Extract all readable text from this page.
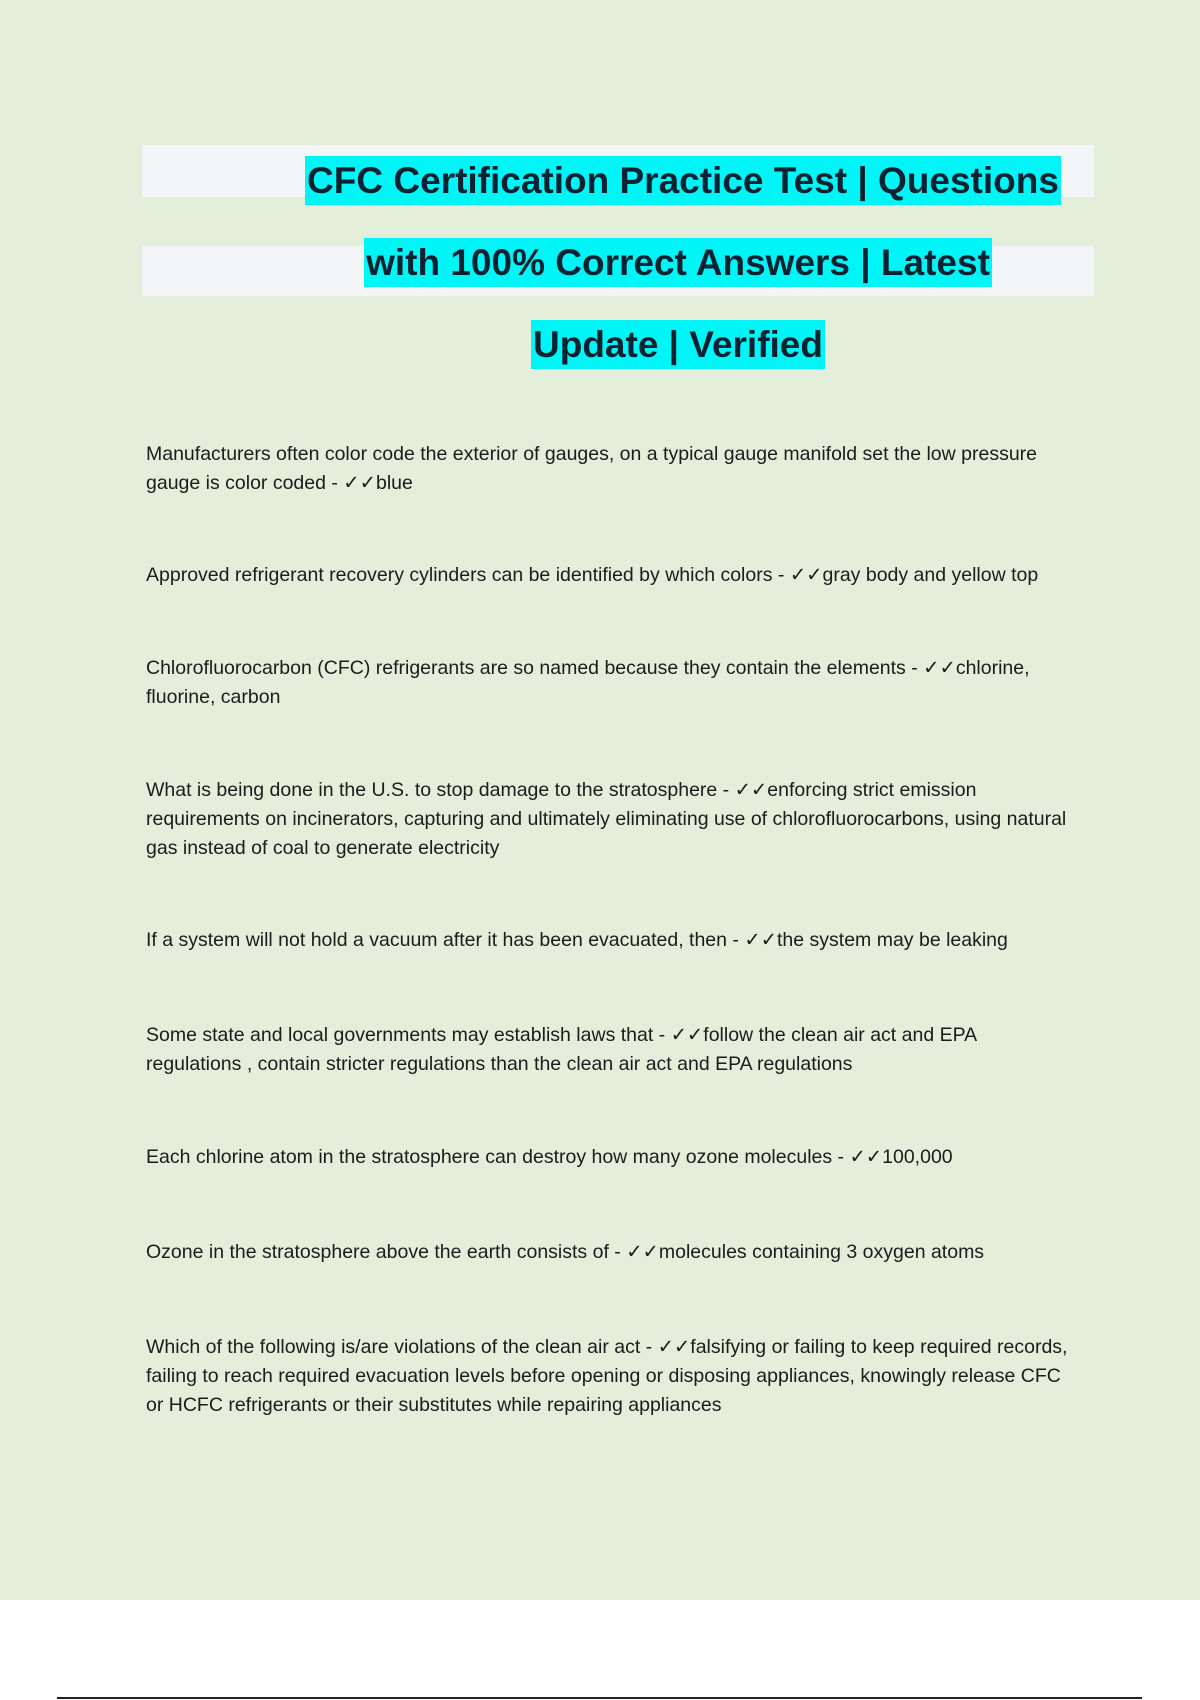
CFC Certification Practice Test | Questions
with 100% Correct Answers | Latest
Update | Verified
Manufacturers often color code the exterior of gauges, on a typical gauge manifold set the low pressure gauge is color coded - ✓✓blue
Approved refrigerant recovery cylinders can be identified by which colors - ✓✓gray body and yellow top
Chlorofluorocarbon (CFC) refrigerants are so named because they contain the elements - ✓✓chlorine, fluorine, carbon
What is being done in the U.S. to stop damage to the stratosphere - ✓✓enforcing strict emission requirements on incinerators, capturing and ultimately eliminating use of chlorofluorocarbons, using natural gas instead of coal to generate electricity
If a system will not hold a vacuum after it has been evacuated, then - ✓✓the system may be leaking
Some state and local governments may establish laws that - ✓✓follow the clean air act and EPA regulations , contain stricter regulations than the clean air act and EPA regulations
Each chlorine atom in the stratosphere can destroy how many ozone molecules - ✓✓100,000
Ozone in the stratosphere above the earth consists of - ✓✓molecules containing 3 oxygen atoms
Which of the following is/are violations of the clean air act - ✓✓falsifying or failing to keep required records, failing to reach required evacuation levels before opening or disposing appliances, knowingly release CFC or HCFC refrigerants or their substitutes while repairing appliances
